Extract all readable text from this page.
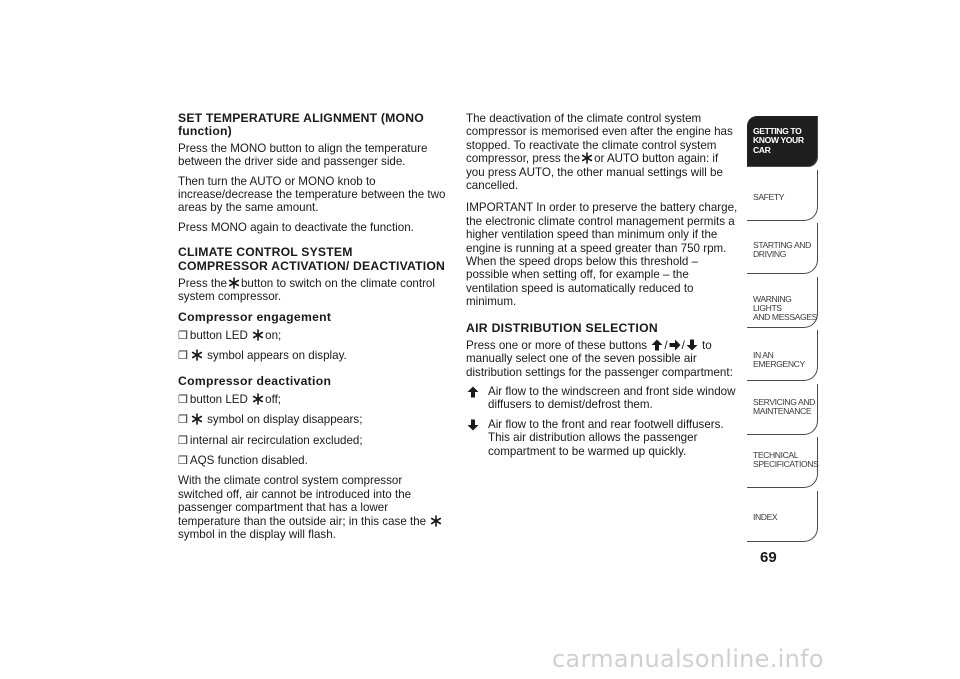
SET TEMPERATURE ALIGNMENT (MONO function)

Press the MONO button to align the temperature between the driver side and passenger side.

Then turn the AUTO or MONO knob to increase/decrease the temperature between the two areas by the same amount.

Press MONO again to deactivate the function.

CLIMATE CONTROL SYSTEM COMPRESSOR ACTIVATION/ DEACTIVATION

Press the button to switch on the climate control system compressor.

Compressor engagement

❒ button LED on;

❒ symbol appears on display.

Compressor deactivation

❒ button LED off;

❒ symbol on display disappears;

❒ internal air recirculation excluded;

❒ AQS function disabled.

With the climate control system compressor switched off, air cannot be introduced into the passenger compartment that has a lower temperature than the outside air; in this case the
symbol in the display will flash.

The deactivation of the climate control system compressor is memorised even after the engine has stopped. To reactivate the climate control system compressor, press the or AUTO button again: if you press AUTO, the other manual settings will be cancelled.

IMPORTANT In order to preserve the battery charge, the electronic climate control management permits a higher ventilation speed than minimum only if the engine is running at a speed greater than 750 rpm. When the speed drops below this threshold – possible when setting off, for example – the ventilation speed is automatically reduced to minimum.

AIR DISTRIBUTION SELECTION

Press one or more of these buttons / / to manually select one of the seven possible air distribution settings for the passenger compartment:

Air flow to the windscreen and front side window diffusers to demist/defrost them.
Air flow to the front and rear footwell diffusers. This air distribution allows the passenger compartment to be warmed up quickly.
GETTING TO
KNOW YOUR CAR
SAFETY
STARTING AND
DRIVING
WARNING LIGHTS
AND MESSAGES
IN AN EMERGENCY
SERVICING AND
MAINTENANCE
TECHNICAL
SPECIFICATIONS
INDEX
69
carmanualsonline.info
